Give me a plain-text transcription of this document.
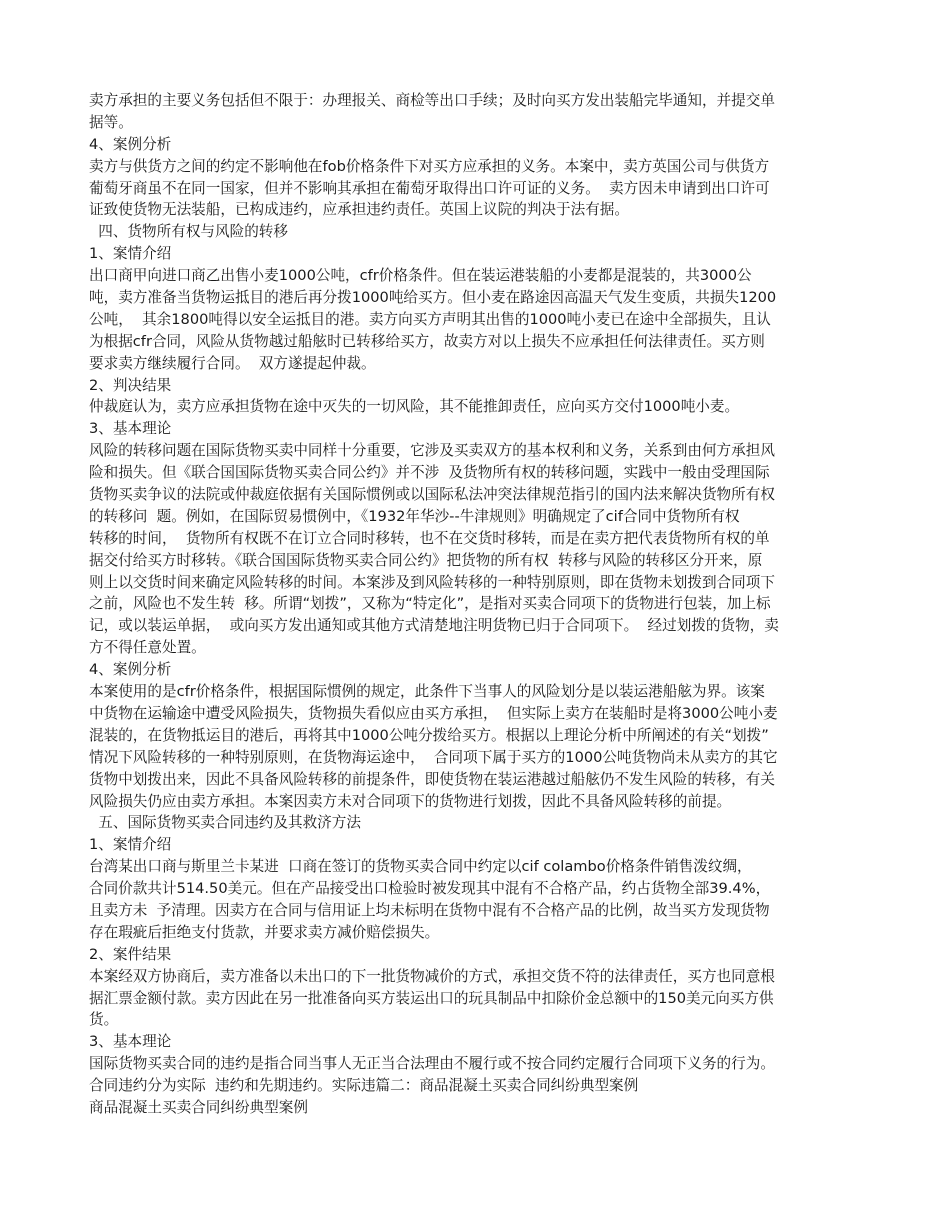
卖方承担的主要义务包括但不限于：办理报关、商检等出口手续；及时向买方发出装船完毕通知，并提交单
据等。
4、案例分析
卖方与供货方之间的约定不影响他在fob价格条件下对买方应承担的义务。本案中，卖方英国公司与供货方
葡萄牙商虽不在同一国家，但并不影响其承担在葡萄牙取得出口许可证的义务。  卖方因未申请到出口许可
证致使货物无法装船，已构成违约，应承担违约责任。英国上议院的判决于法有据。
四、货物所有权与风险的转移
1、案情介绍
出口商甲向进口商乙出售小麦1000公吨，cfr价格条件。但在装运港装船的小麦都是混装的，共3000公
吨，卖方准备当货物运抵目的港后再分拨1000吨给买方。但小麦在路途因高温天气发生变质，共损失1200
公吨，  其余1800吨得以安全运抵目的港。卖方向买方声明其出售的1000吨小麦已在途中全部损失，且认
为根据cfr合同，风险从货物越过船舷时已转移给买方，故卖方对以上损失不应承担任何法律责任。买方则
要求卖方继续履行合同。  双方遂提起仲裁。
2、判决结果
仲裁庭认为，卖方应承担货物在途中灭失的一切风险，其不能推卸责任，应向买方交付1000吨小麦。
3、基本理论
风险的转移问题在国际货物买卖中同样十分重要，它涉及买卖双方的基本权利和义务，关系到由何方承担风
险和损失。但《联合国国际货物买卖合同公约》并不涉  及货物所有权的转移问题，实践中一般由受理国际
货物买卖争议的法院或仲裁庭依据有关国际惯例或以国际私法冲突法律规范指引的国内法来解决货物所有权
的转移问  题。例如，在国际贸易惯例中，《1932年华沙--牛津规则》明确规定了cif合同中货物所有权
转移的时间，  货物所有权既不在订立合同时移转，也不在交货时移转，而是在卖方把代表货物所有权的单
据交付给买方时移转。《联合国国际货物买卖合同公约》把货物的所有权  转移与风险的转移区分开来，原
则上以交货时间来确定风险转移的时间。本案涉及到风险转移的一种特别原则，即在货物未划拨到合同项下
之前，风险也不发生转  移。所谓“划拨”，又称为“特定化”，是指对买卖合同项下的货物进行包装，加上标
记，或以装运单据，  或向买方发出通知或其他方式清楚地注明货物已归于合同项下。  经过划拨的货物，卖
方不得任意处置。
4、案例分析
本案使用的是cfr价格条件，根据国际惯例的规定，此条件下当事人的风险划分是以装运港船舷为界。该案
中货物在运输途中遭受风险损失，货物损失看似应由买方承担，  但实际上卖方在装船时是将3000公吨小麦
混装的，在货物抵运目的港后，再将其中1000公吨分拨给买方。根据以上理论分析中所阐述的有关“划拨”
情况下风险转移的一种特别原则，在货物海运途中，  合同项下属于买方的1000公吨货物尚未从卖方的其它
货物中划拨出来，因此不具备风险转移的前提条件，即使货物在装运港越过船舷仍不发生风险的转移，有关
风险损失仍应由卖方承担。本案因卖方未对合同项下的货物进行划拨，因此不具备风险转移的前提。
五、国际货物买卖合同违约及其救济方法
1、案情介绍
台湾某出口商与斯里兰卡某进  口商在签订的货物买卖合同中约定以cif colambo价格条件销售泼纹绸，
合同价款共计514.50美元。但在产品接受出口检验时被发现其中混有不合格产品，约占货物全部39.4%，
且卖方未  予清理。因卖方在合同与信用证上均未标明在货物中混有不合格产品的比例，故当买方发现货物
存在瑕疵后拒绝支付货款，并要求卖方减价赔偿损失。
2、案件结果
本案经双方协商后，卖方准备以未出口的下一批货物减价的方式，承担交货不符的法律责任，买方也同意根
据汇票金额付款。卖方因此在另一批准备向买方装运出口的玩具制品中扣除价金总额中的150美元向买方供
货。
3、基本理论
国际货物买卖合同的违约是指合同当事人无正当合法理由不履行或不按合同约定履行合同项下义务的行为。
合同违约分为实际  违约和先期违约。实际违篇二：商品混凝土买卖合同纠纷典型案例
商品混凝土买卖合同纠纷典型案例
